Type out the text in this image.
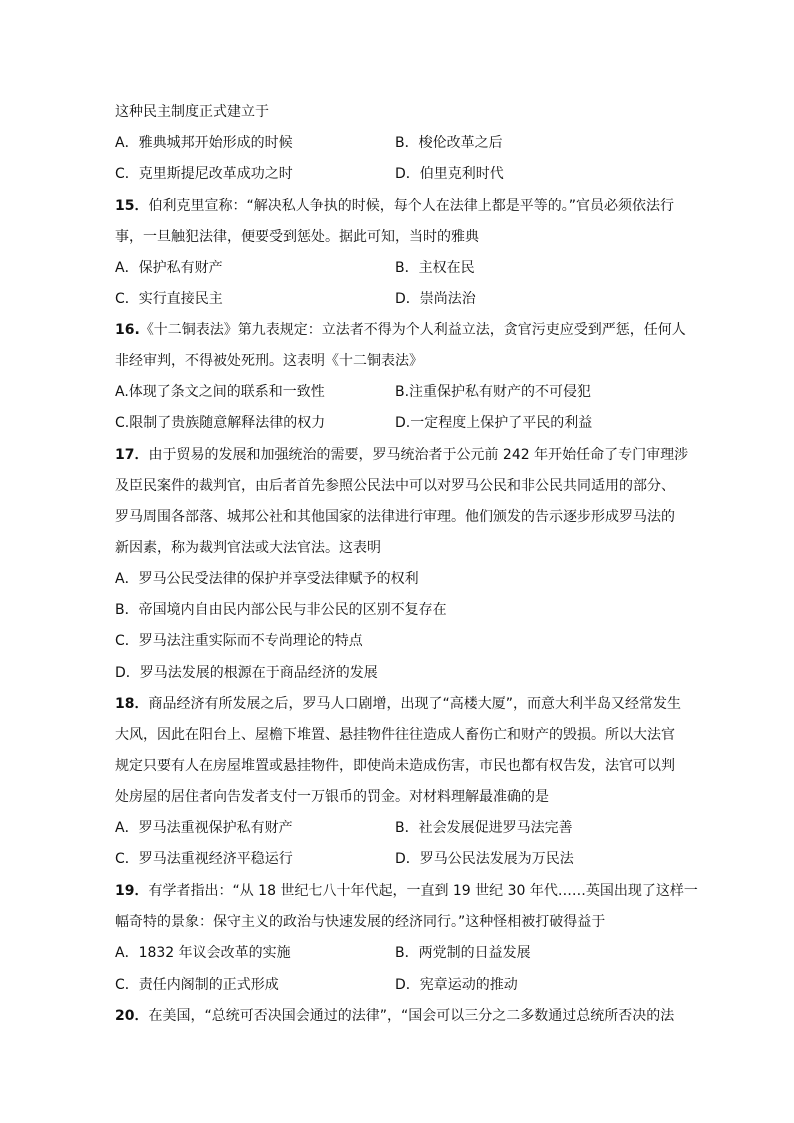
这种民主制度正式建立于
A．雅典城邦开始形成的时候	B．梭伦改革之后
C．克里斯提尼改革成功之时	D．伯里克利时代
15．伯利克里宣称：“解决私人争执的时候，每个人在法律上都是平等的。”官员必须依法行
事，一旦触犯法律，便要受到惩处。据此可知，当时的雅典
A．保护私有财产	B．主权在民
C．实行直接民主	D．崇尚法治
16.《十二铜表法》第九表规定：立法者不得为个人利益立法，贪官污吏应受到严惩，任何人
非经审判，不得被处死刑。这表明《十二铜表法》
A.体现了条文之间的联系和一致性	B.注重保护私有财产的不可侵犯
C.限制了贵族随意解释法律的权力	D.一定程度上保护了平民的利益
17．由于贸易的发展和加强统治的需要，罗马统治者于公元前 242 年开始任命了专门审理涉
及臣民案件的裁判官，由后者首先参照公民法中可以对罗马公民和非公民共同适用的部分、
罗马周围各部落、城邦公社和其他国家的法律进行审理。他们颁发的告示逐步形成罗马法的
新因素，称为裁判官法或大法官法。这表明
A．罗马公民受法律的保护并享受法律赋予的权利
B．帝国境内自由民内部公民与非公民的区别不复存在
C．罗马法注重实际而不专尚理论的特点
D．罗马法发展的根源在于商品经济的发展
18．商品经济有所发展之后，罗马人口剧增，出现了“高楼大厦”，而意大利半岛又经常发生
大风，因此在阳台上、屋檐下堆置、悬挂物件往往造成人畜伤亡和财产的毁损。所以大法官
规定只要有人在房屋堆置或悬挂物件，即使尚未造成伤害，市民也都有权告发，法官可以判
处房屋的居住者向告发者支付一万银币的罚金。对材料理解最准确的是
A．罗马法重视保护私有财产	B．社会发展促进罗马法完善
C．罗马法重视经济平稳运行	D．罗马公民法发展为万民法
19．有学者指出：“从 18 世纪七八十年代起，一直到 19 世纪 30 年代……英国出现了这样一
幅奇特的景象：保守主义的政治与快速发展的经济同行。”这种怪相被打破得益于
A．1832 年议会改革的实施	B．两党制的日益发展
C．责任内阁制的正式形成	D．宪章运动的推动
20．在美国，“总统可否决国会通过的法律”，“国会可以三分之二多数通过总统所否决的法
